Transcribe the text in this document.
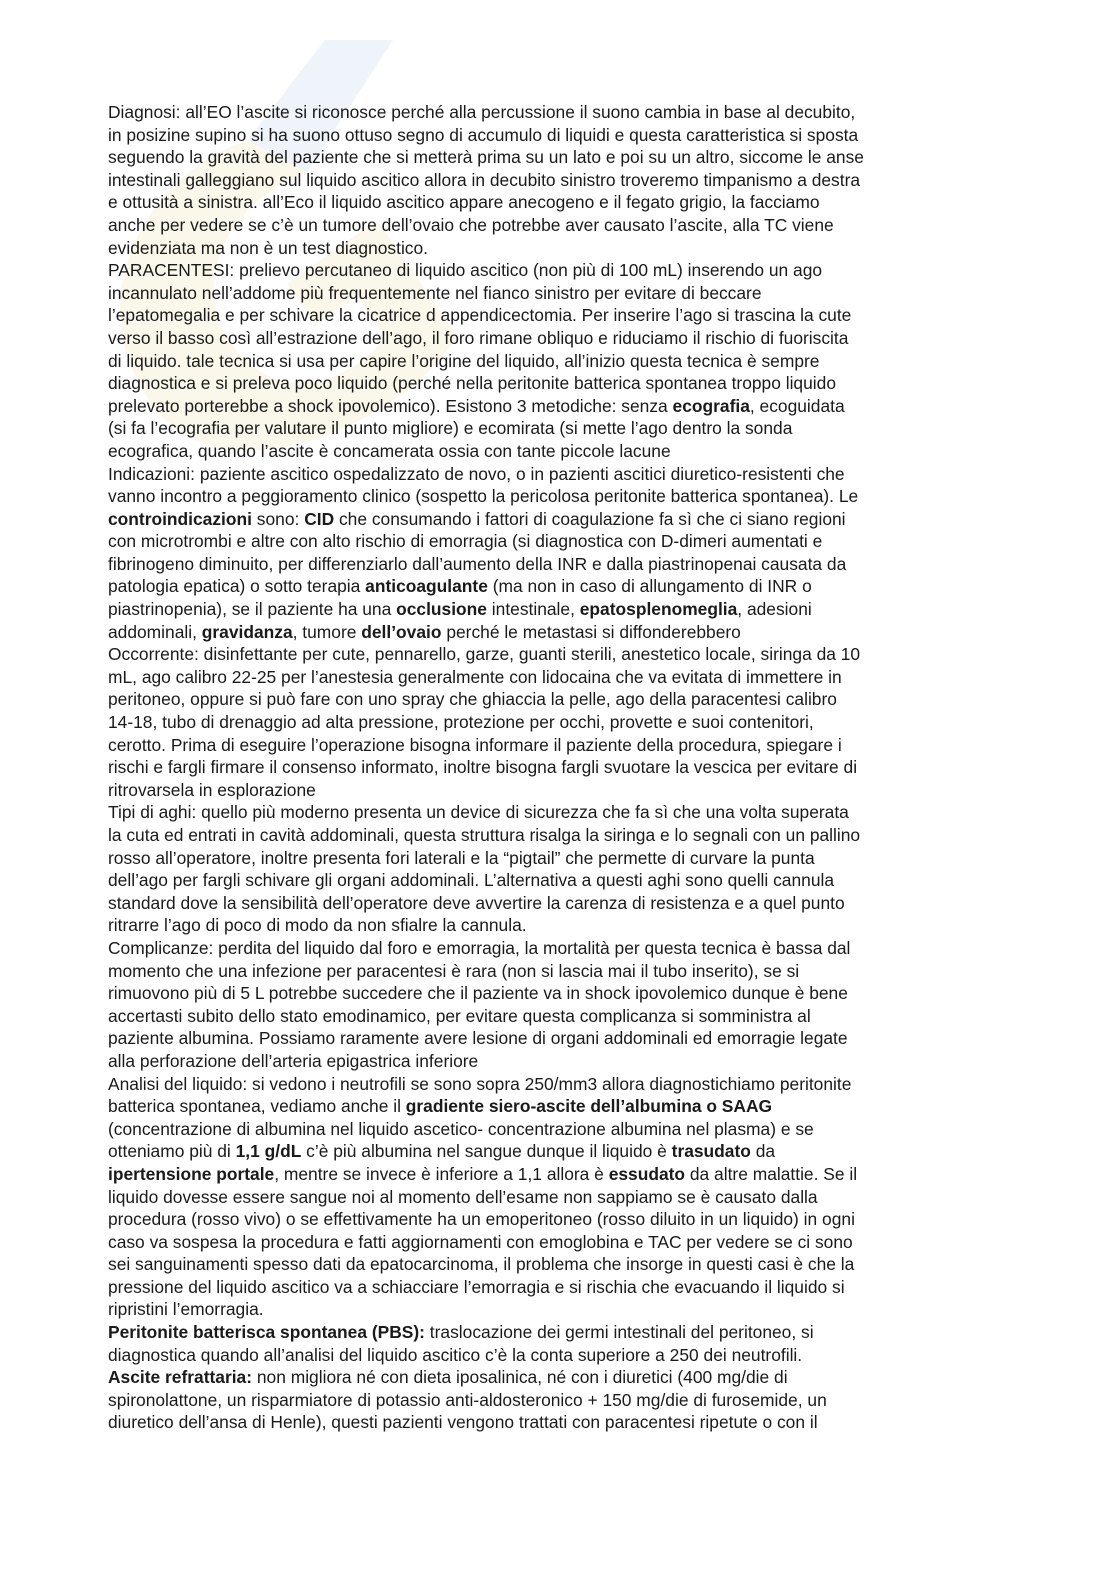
Diagnosi: all’EO l’ascite si riconosce perché alla percussione il suono cambia in base al decubito,
in posizine supino si ha suono ottuso segno di accumulo di liquidi e questa caratteristica si sposta
seguendo la gravità del paziente che si metterà prima su un lato e poi su un altro, siccome le anse
intestinali galleggiano sul liquido ascitico allora in decubito sinistro troveremo timpanismo a destra
e ottusità a sinistra. all’Eco il liquido ascitico appare anecogeno e il fegato grigio, la facciamo
anche per vedere se c’è un tumore dell’ovaio che potrebbe aver causato l’ascite, alla TC viene
evidenziata ma non è un test diagnostico.
PARACENTESI: prelievo percutaneo di liquido ascitico (non più di 100 mL) inserendo un ago
incannulato nell’addome più frequentemente nel fianco sinistro per evitare di beccare
l’epatomegalia e per schivare la cicatrice d appendicectomia. Per inserire l’ago si trascina la cute
verso il basso così all’estrazione dell’ago, il foro rimane obliquo e riduciamo il rischio di fuoriscita
di liquido. tale tecnica si usa per capire l’origine del liquido, all’inizio questa tecnica è sempre
diagnostica e si preleva poco liquido (perché nella peritonite batterica spontanea troppo liquido
prelevato porterebbe a shock ipovolemico). Esistono 3 metodiche: senza ecografia, ecoguidata
(si fa l’ecografia per valutare il punto migliore) e ecomirata (si mette l’ago dentro la sonda
ecografica, quando l’ascite è concamerata ossia con tante piccole lacune
Indicazioni: paziente ascitico ospedalizzato de novo, o in pazienti ascitici diuretico-resistenti che
vanno incontro a peggioramento clinico (sospetto la pericolosa peritonite batterica spontanea). Le
controindicazioni sono: CID che consumando i fattori di coagulazione fa sì che ci siano regioni
con microtrombi e altre con alto rischio di emorragia (si diagnostica con D-dimeri aumentati e
fibrinogeno diminuito, per differenziarlo dall’aumento della INR e dalla piastrinopenai causata da
patologia epatica) o sotto terapia anticoagulante (ma non in caso di allungamento di INR o
piastrinopenia), se il paziente ha una occlusione intestinale, epatosplenomeglia, adesioni
addominali, gravidanza, tumore dell’ovaio perché le metastasi si diffonderebbero
Occorrente: disinfettante per cute, pennarello, garze, guanti sterili, anestetico locale, siringa da 10
mL, ago calibro 22-25 per l’anestesia generalmente con lidocaina che va evitata di immettere in
peritoneo, oppure si può fare con uno spray che ghiaccia la pelle, ago della paracentesi calibro
14-18, tubo di drenaggio ad alta pressione, protezione per occhi, provette e suoi contenitori,
cerotto. Prima di eseguire l’operazione bisogna informare il paziente della procedura, spiegare i
rischi e fargli firmare il consenso informato, inoltre bisogna fargli svuotare la vescica per evitare di
ritrovarsela in esplorazione
Tipi di aghi: quello più moderno presenta un device di sicurezza che fa sì che una volta superata
la cuta ed entrati in cavità addominali, questa struttura risalga la siringa e lo segnali con un pallino
rosso all’operatore, inoltre presenta fori laterali e la “pigtail” che permette di curvare la punta
dell’ago per fargli schivare gli organi addominali. L’alternativa a questi aghi sono quelli cannula
standard dove la sensibilità dell’operatore deve avvertire la carenza di resistenza e a quel punto
ritrarre l’ago di poco di modo da non sfialre la cannula.
Complicanze: perdita del liquido dal foro e emorragia, la mortalità per questa tecnica è bassa dal
momento che una infezione per paracentesi è rara (non si lascia mai il tubo inserito), se si
rimuovono più di 5 L potrebbe succedere che il paziente va in shock ipovolemico dunque è bene
accertasti subito dello stato emodinamico, per evitare questa complicanza si somministra al
paziente albumina. Possiamo raramente avere lesione di organi addominali ed emorragie legate
alla perforazione dell’arteria epigastrica inferiore
Analisi del liquido: si vedono i neutrofili se sono sopra 250/mm3 allora diagnostichiamo peritonite
batterica spontanea, vediamo anche il gradiente siero-ascite dell’albumina o SAAG
(concentrazione di albumina nel liquido ascetico- concentrazione albumina nel plasma) e se
otteniamo più di 1,1 g/dL c’è più albumina nel sangue dunque il liquido è trasudato da
ipertensione portale, mentre se invece è inferiore a 1,1 allora è essudato da altre malattie. Se il
liquido dovesse essere sangue noi al momento dell’esame non sappiamo se è causato dalla
procedura (rosso vivo) o se effettivamente ha un emoperitoneo (rosso diluito in un liquido) in ogni
caso va sospesa la procedura e fatti aggiornamenti con emoglobina e TAC per vedere se ci sono
sei sanguinamenti spesso dati da epatocarcinoma, il problema che insorge in questi casi è che la
pressione del liquido ascitico va a schiacciare l’emorragia e si rischia che evacuando il liquido si
ripristini l’emorragia.
Peritonite batterisca spontanea (PBS): traslocazione dei germi intestinali del peritoneo, si
diagnostica quando all’analisi del liquido ascitico c’è la conta superiore a 250 dei neutrofili.
Ascite refrattaria: non migliora né con dieta iposalinica, né con i diuretici (400 mg/die di
spironolattone, un risparmiatore di potassio anti-aldosteronico + 150 mg/die di furosemide, un
diuretico dell’ansa di Henle), questi pazienti vengono trattati con paracentesi ripetute o con il
